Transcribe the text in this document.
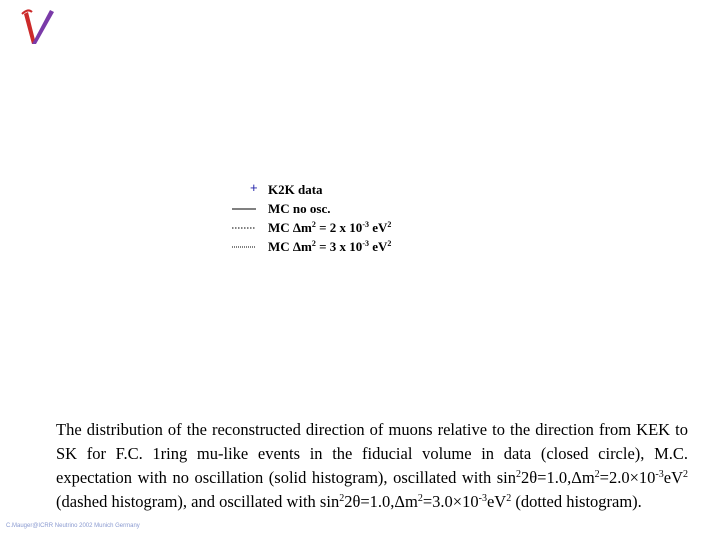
+ K2K data
MC no osc.
MC $\Delta m^2 = 2$ x $10^{-3}$ $eV^2$
MC $\Delta m^2 = 3$ x $10^{-3}$ $eV^2$
The distribution of the reconstructed direction of muons relative to the direction from KEK to SK for F.C. 1ring mu-like events in the fiducial volume in data (closed circle), M.C. expectation with no oscillation (solid histogram), oscillated with $\sin^22\theta=1.0,\Delta m^2=2.0\times 10^{-3}eV^2$ (dashed histogram), and oscillated with $\sin^22\theta=1.0,\Delta m^2=3.0\times 10^{-3}eV^2$ (dotted histogram).
C.Mauger@ICRR Neutrino 2002 Munich Germany
